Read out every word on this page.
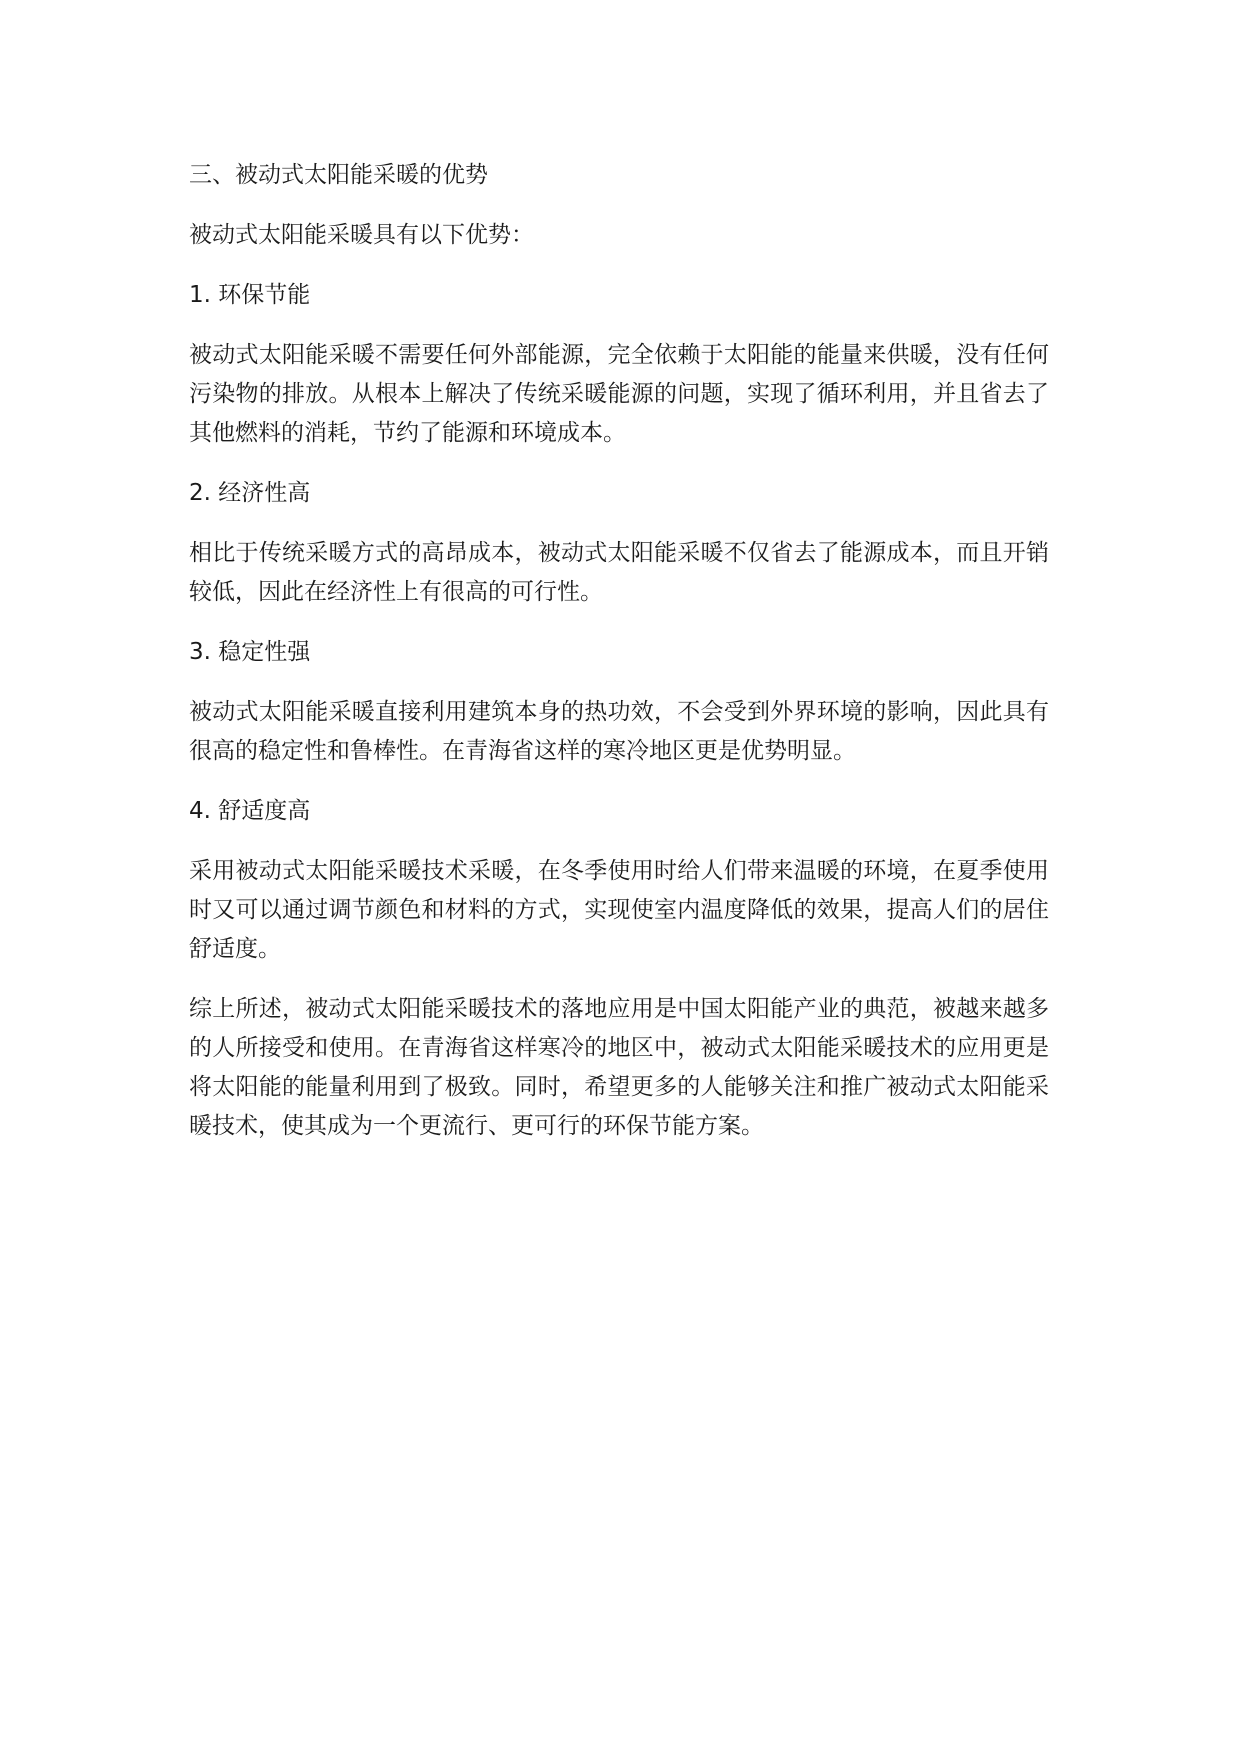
三、被动式太阳能采暖的优势

被动式太阳能采暖具有以下优势：

1. 环保节能

被动式太阳能采暖不需要任何外部能源，完全依赖于太阳能的能量来供暖，没有任何污染物的排放。从根本上解决了传统采暖能源的问题，实现了循环利用，并且省去了其他燃料的消耗，节约了能源和环境成本。

2. 经济性高

相比于传统采暖方式的高昂成本，被动式太阳能采暖不仅省去了能源成本，而且开销较低，因此在经济性上有很高的可行性。

3. 稳定性强

被动式太阳能采暖直接利用建筑本身的热功效，不会受到外界环境的影响，因此具有很高的稳定性和鲁棒性。在青海省这样的寒冷地区更是优势明显。

4. 舒适度高

采用被动式太阳能采暖技术采暖，在冬季使用时给人们带来温暖的环境，在夏季使用时又可以通过调节颜色和材料的方式，实现使室内温度降低的效果，提高人们的居住舒适度。

综上所述，被动式太阳能采暖技术的落地应用是中国太阳能产业的典范，被越来越多的人所接受和使用。在青海省这样寒冷的地区中，被动式太阳能采暖技术的应用更是将太阳能的能量利用到了极致。同时，希望更多的人能够关注和推广被动式太阳能采暖技术，使其成为一个更流行、更可行的环保节能方案。
